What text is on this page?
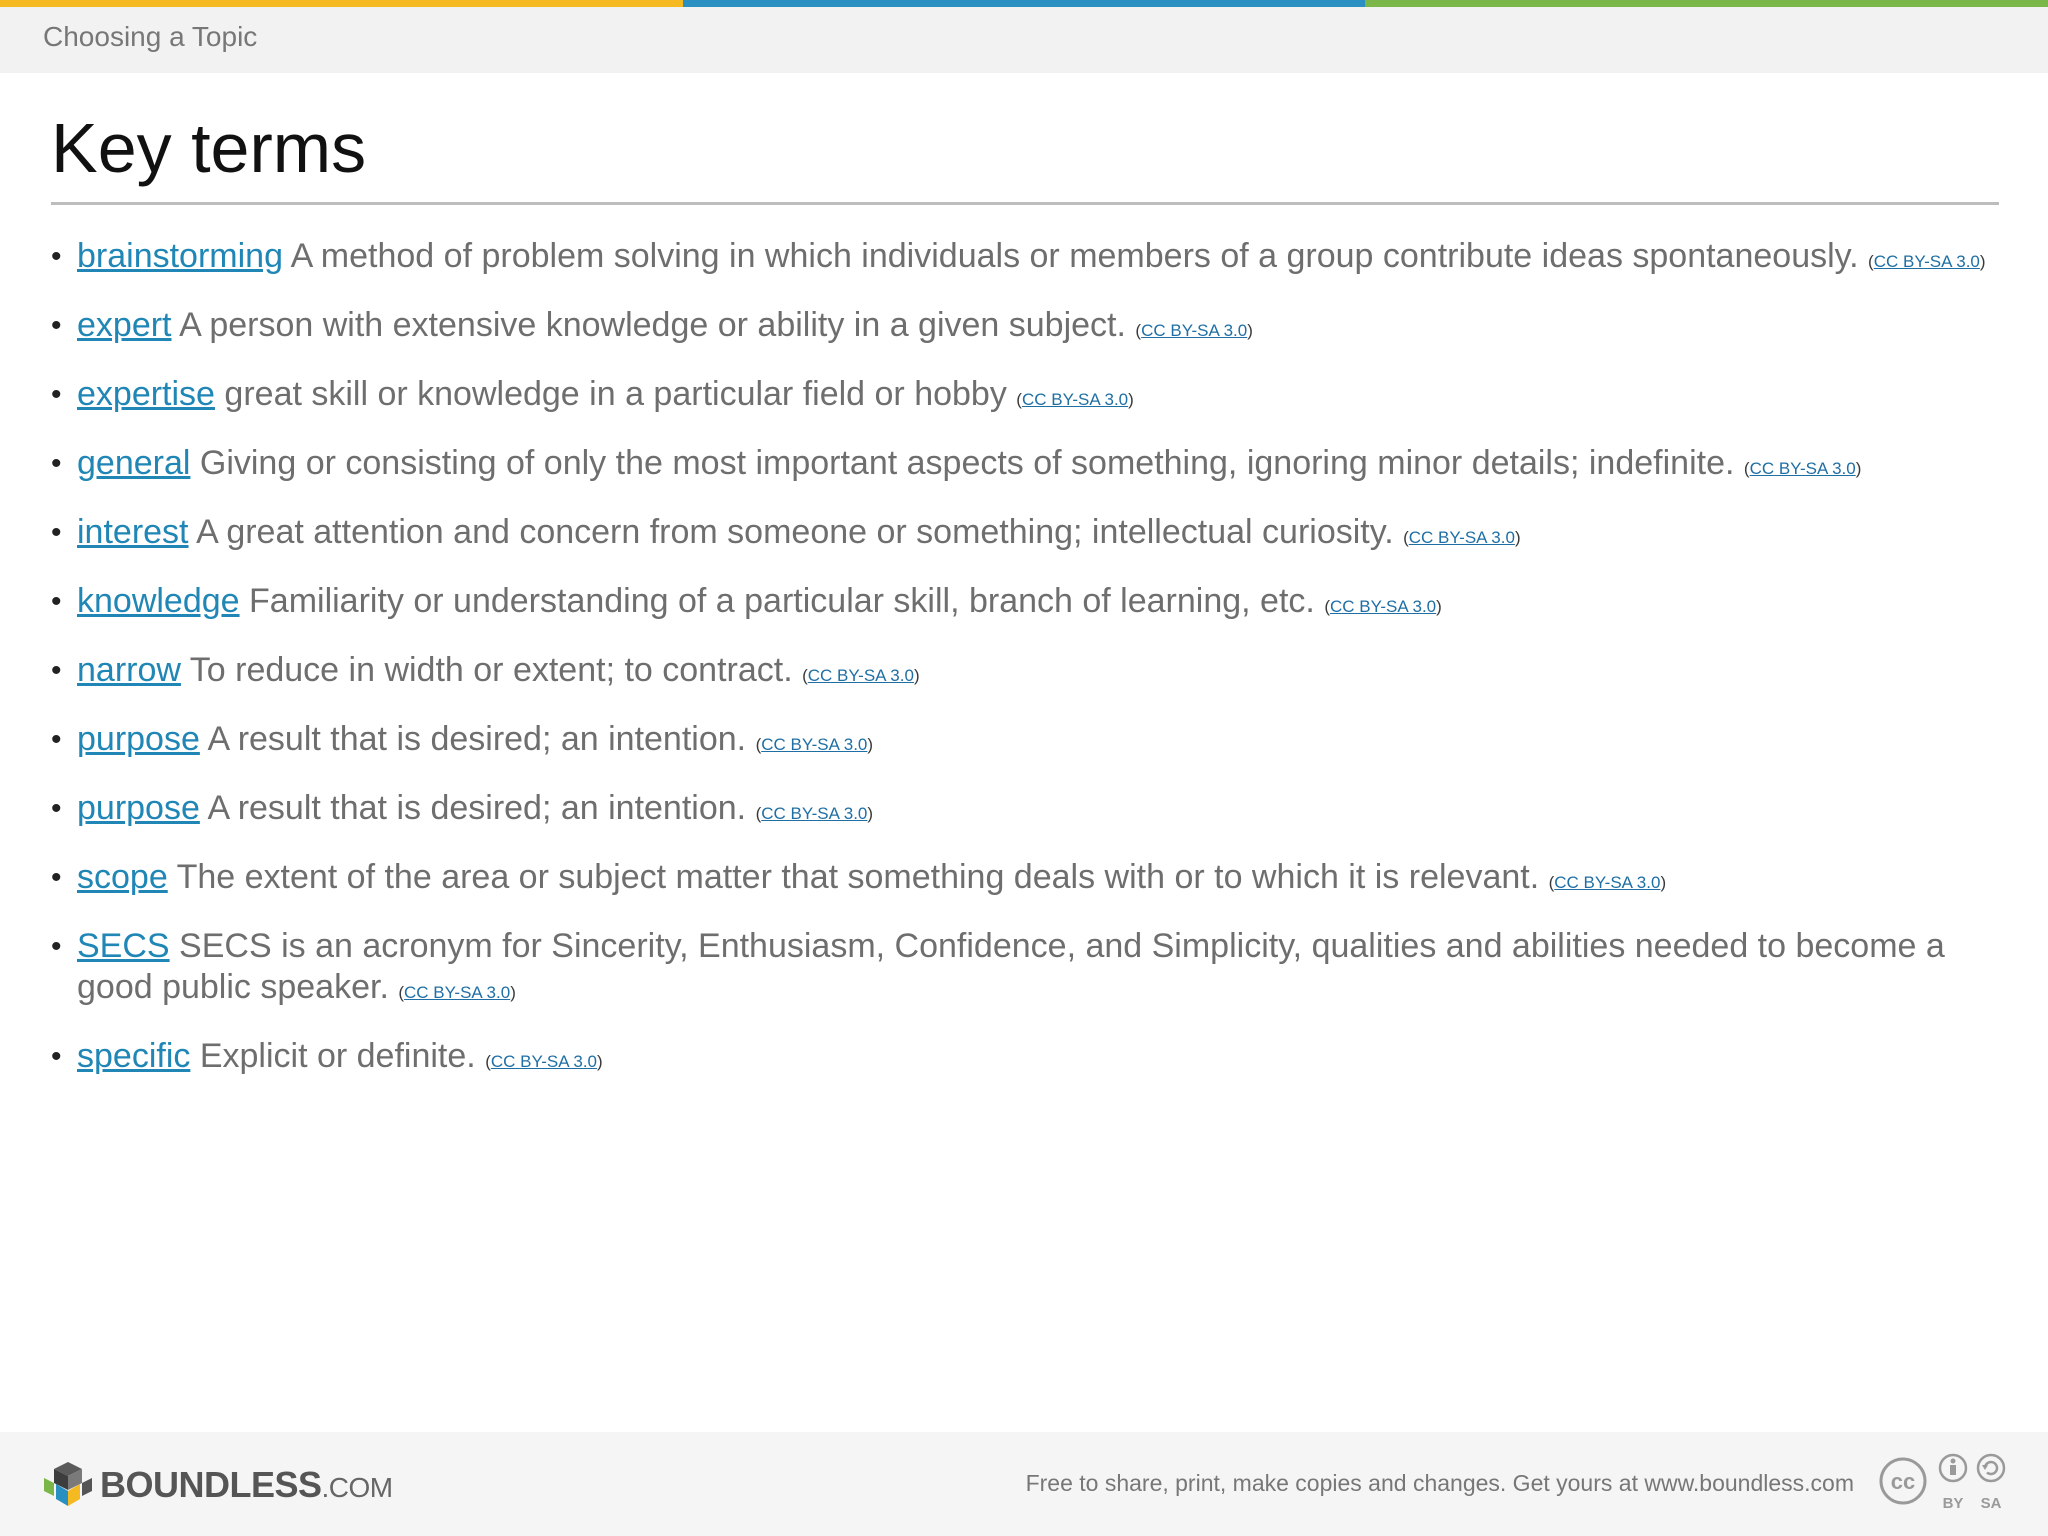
Choosing a Topic
Key terms
• brainstorming A method of problem solving in which individuals or members of a group contribute ideas spontaneously. (CC BY-SA 3.0)
• expert A person with extensive knowledge or ability in a given subject. (CC BY-SA 3.0)
• expertise great skill or knowledge in a particular field or hobby (CC BY-SA 3.0)
• general Giving or consisting of only the most important aspects of something, ignoring minor details; indefinite. (CC BY-SA 3.0)
• interest A great attention and concern from someone or something; intellectual curiosity. (CC BY-SA 3.0)
• knowledge Familiarity or understanding of a particular skill, branch of learning, etc. (CC BY-SA 3.0)
• narrow To reduce in width or extent; to contract. (CC BY-SA 3.0)
• purpose A result that is desired; an intention. (CC BY-SA 3.0)
• purpose A result that is desired; an intention. (CC BY-SA 3.0)
• scope The extent of the area or subject matter that something deals with or to which it is relevant. (CC BY-SA 3.0)
• SECS SECS is an acronym for Sincerity, Enthusiasm, Confidence, and Simplicity, qualities and abilities needed to become a good public speaker. (CC BY-SA 3.0)
• specific Explicit or definite. (CC BY-SA 3.0)
BOUNDLESS.COM	Free to share, print, make copies and changes. Get yours at www.boundless.com cc
BY SA
